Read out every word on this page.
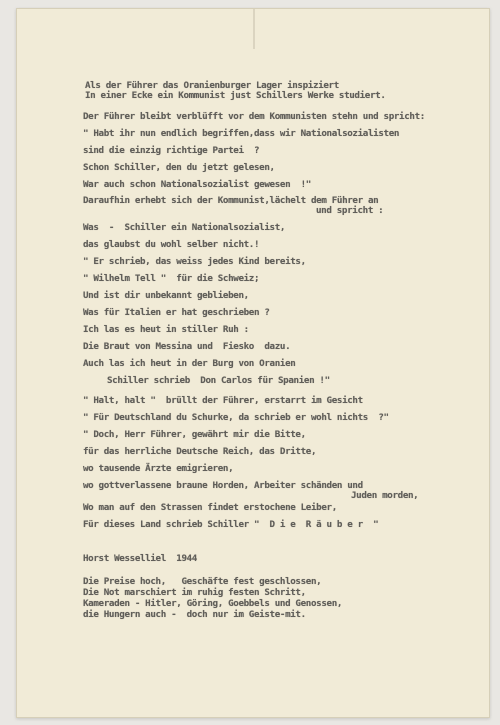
Als der Führer das Oranienburger Lager inspiziert
In einer Ecke ein Kommunist just Schillers Werke studiert.
Der Führer bleibt verblüfft vor dem Kommunisten stehn und spricht:
" Habt ihr nun endlich begriffen,dass wir Nationalsozialisten
sind die einzig richtige Partei  ?
Schon Schiller, den du jetzt gelesen,
War auch schon Nationalsozialist gewesen  !"
Daraufhin erhebt sich der Kommunist,lächelt dem Führer an
und spricht :
Was  -  Schiller ein Nationalsozialist,
das glaubst du wohl selber nicht.!
" Er schrieb, das weiss jedes Kind bereits,
" Wilhelm Tell "  für die Schweiz;
Und ist dir unbekannt geblieben,
Was für Italien er hat geschrieben ?
Ich las es heut in stiller Ruh :
Die Braut von Messina und  Fiesko  dazu.
Auch las ich heut in der Burg von Oranien
Schiller schrieb  Don Carlos für Spanien !"
" Halt, halt "  brüllt der Führer, erstarrt im Gesicht
" Für Deutschland du Schurke, da schrieb er wohl nichts  ?"
" Doch, Herr Führer, gewährt mir die Bitte,
für das herrliche Deutsche Reich, das Dritte,
wo tausende Ärzte emigrieren,
wo gottverlassene braune Horden, Arbeiter schänden und
Juden morden,
Wo man auf den Strassen findet erstochene Leiber,
Für dieses Land schrieb Schiller "  D i e  R ä u b e r  "
Horst Wesselliel  1944
Die Preise hoch,   Geschäfte fest geschlossen,
Die Not marschiert im ruhig festen Schritt,
Kameraden - Hitler, Göring, Goebbels und Genossen,
die Hungern auch -  doch nur im Geiste-mit.
